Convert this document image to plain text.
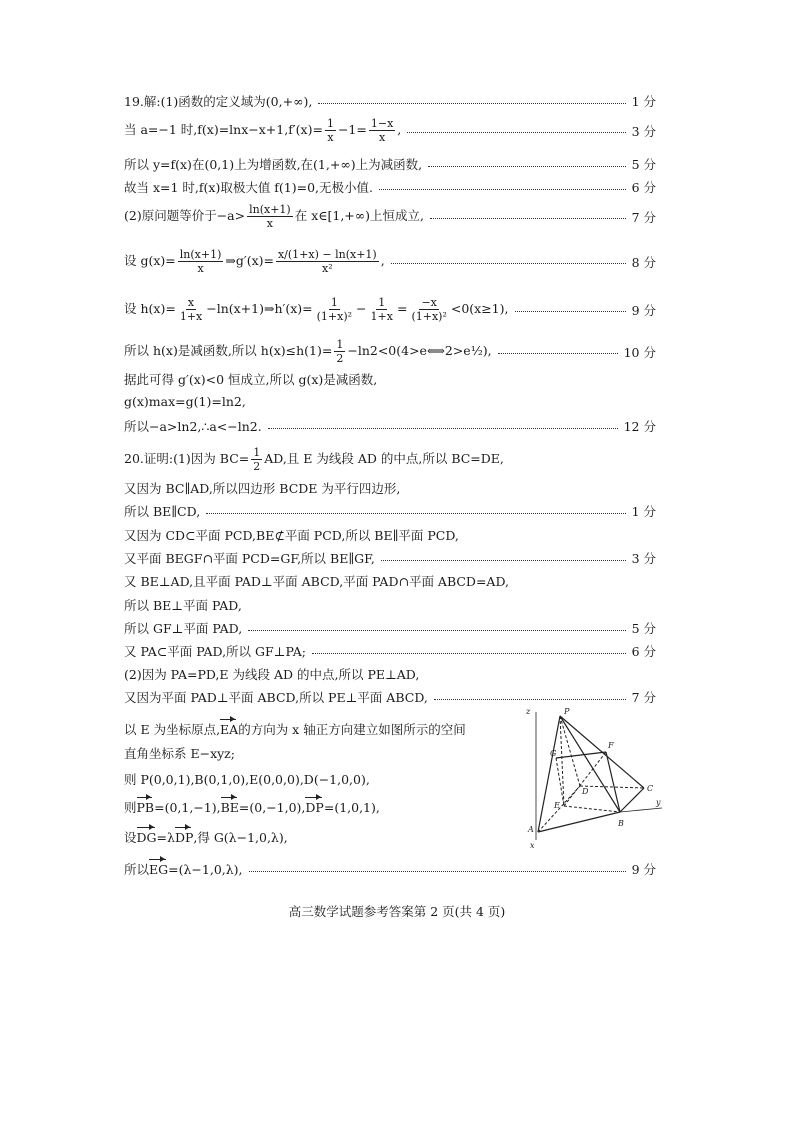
19.解:(1)函数的定义域为(0,+∞),	1 分
当 a=−1 时$,f(x)=\ln x-x+1,f'(x)= \frac{1}{x} -1= \frac{1-x}{x}$ ,	3 分
所以 y=f(x)在(0,1)上为增函数,在(1,+∞)上为减函数,	5 分
故当 x=1 时,f(x)取极大值 f(1)=0,无极小值.	6 分
(2)原问题等价于$-a> \frac{\ln(x+1)}{x}$ 在 x∈[1,+∞)上恒成立,	7 分
设 $g(x)= \frac{\ln(x+1)}{x}$ ⇒g′(x)= $\frac{x/(1+x) - \ln(x+1)}{\text{x²}}$ ,	8 分
设 $h(x)= \frac{x}{1+x}$ −ln(x+1)⇒h′(x)= $\frac{1}{\text{(1+x)²}} - \frac{1}{1+x} = \frac{-x}{\text{(1+x)²}} <0(x\ge 1)$,	9 分
所以 h(x)是减函数,所以 $h(x)\le h(1)= \frac{1}{2}$ −ln2<0(4>e⟺2>e½),	10 分
据此可得 g′(x)<0 恒成立,所以 g(x)是减函数,
g(x)max=g(1)=ln2,
所以−a>ln2,∴a<−ln2.	12 分
20.证明:(1)因为 $BC= \frac{1}{2}$ AD,且 E 为线段 AD 的中点,所以 BC=DE,
又因为 BC∥AD,所以四边形 BCDE 为平行四边形,
所以 BE∥CD,	1 分
又因为 CD⊂平面 PCD,BE⊄平面 PCD,所以 BE∥平面 PCD,
又平面 BEGF∩平面 PCD=GF,所以 BE∥GF,	3 分
又 BE⊥AD,且平面 PAD⊥平面 ABCD,平面 PAD∩平面 ABCD=AD,
所以 BE⊥平面 PAD,
所以 GF⊥平面 PAD,	5 分
又 PA⊂平面 PAD,所以 GF⊥PA;	6 分
(2)因为 PA=PD,E 为线段 AD 的中点,所以 PE⊥AD,
又因为平面 PAD⊥平面 ABCD,所以 PE⊥平面 ABCD,	7 分
以 E 为坐标原点,EA的方向为 x 轴正方向建立如图所示的空间
直角坐标系 E−xyz;
则 P(0,0,1),B(0,1,0),E(0,0,0),D(−1,0,0),
则PB=(0,1,−1),BE=(0,−1,0),DP=(1,0,1),
设DG=λDP,得 G(λ−1,0,λ),
所以EG=(λ−1,0,λ),	9 分
z	P
G
F
D	C
E
A
B
x
y
高三数学试题参考答案第 2 页(共 4 页)
